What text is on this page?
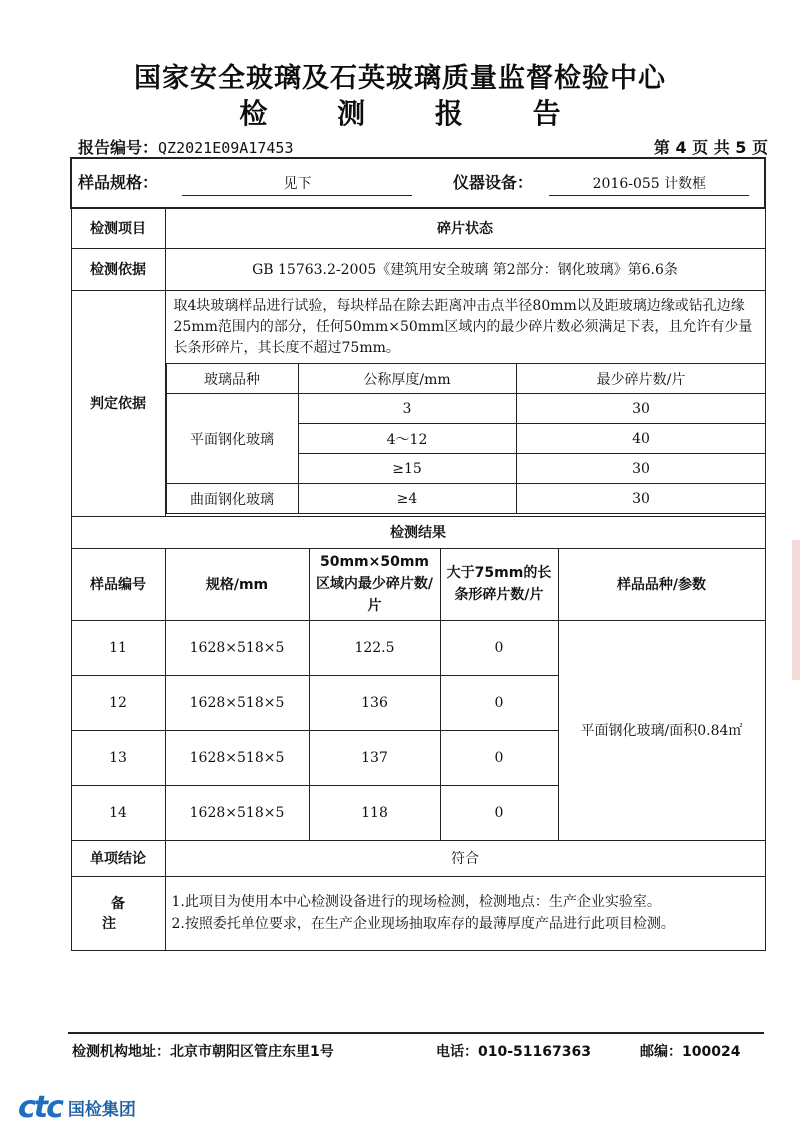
国家安全玻璃及石英玻璃质量监督检验中心
检 测 报 告
报告编号：QZ2021E09A17453	第 4 页 共 5 页
样品规格：	见下	仪器设备：	2016-055 计数框
检测项目	碎片状态
检测依据	GB 15763.2-2005《建筑用安全玻璃 第2部分：钢化玻璃》第6.6条
判定依据	
取4块玻璃样品进行试验，每块样品在除去距离冲击点半径80mm以及距玻璃边缘或钻孔边缘25mm范围内的部分，任何50mm×50mm区域内的最少碎片数必须满足下表，且允许有少量长条形碎片，其长度不超过75mm。
玻璃品种	公称厚度/mm	最少碎片数/片
平面钢化玻璃	3	30
4～12	40
≥15	30
曲面钢化玻璃	≥4	30

检测结果
样品编号	规格/mm	50mm×50mm区域内最少碎片数/片	大于75mm的长条形碎片数/片	样品品种/参数
11	1628×518×5	122.5	0	平面钢化玻璃/面积0.84㎡
12	1628×518×5	136	0
13	1628×518×5	137	0
14	1628×518×5	118	0
单项结论	符合
备 注	
1.此项目为使用本中心检测设备进行的现场检测，检测地点：生产企业实验室。
2.按照委托单位要求，在生产企业现场抽取库存的最薄厚度产品进行此项目检测。
检测机构地址：北京市朝阳区管庄东里1号	电话：010-51167363	邮编：100024
ctc 国检集团
